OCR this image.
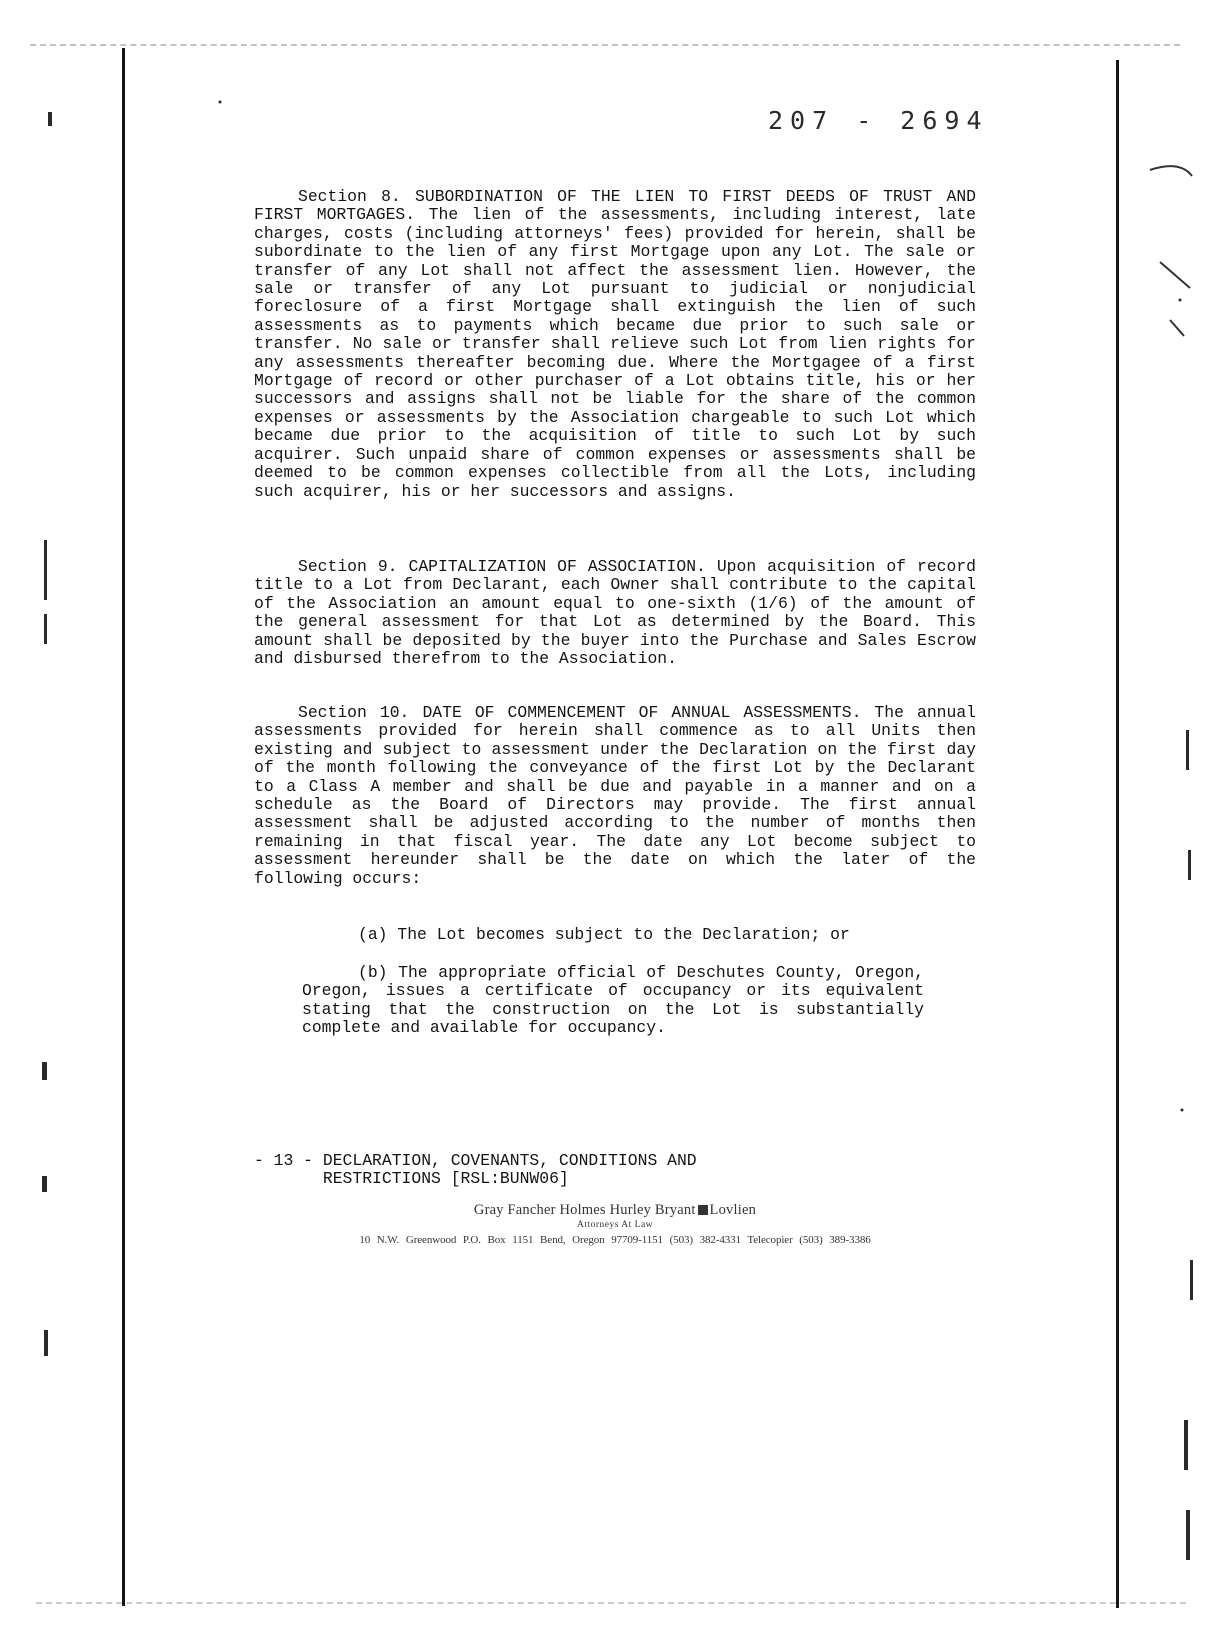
207 - 2694

Section 8. SUBORDINATION OF THE LIEN TO FIRST DEEDS OF TRUST AND FIRST MORTGAGES. The lien of the assessments, including interest, late charges, costs (including attorneys' fees) provided for herein, shall be subordinate to the lien of any first Mortgage upon any Lot. The sale or transfer of any Lot shall not affect the assessment lien. However, the sale or transfer of any Lot pursuant to judicial or nonjudicial foreclosure of a first Mortgage shall extinguish the lien of such assessments as to payments which became due prior to such sale or transfer. No sale or transfer shall relieve such Lot from lien rights for any assessments thereafter becoming due. Where the Mortgagee of a first Mortgage of record or other purchaser of a Lot obtains title, his or her successors and assigns shall not be liable for the share of the common expenses or assessments by the Association chargeable to such Lot which became due prior to the acquisition of title to such Lot by such acquirer. Such unpaid share of common expenses or assessments shall be deemed to be common expenses collectible from all the Lots, including such acquirer, his or her successors and assigns.

Section 9. CAPITALIZATION OF ASSOCIATION. Upon acquisition of record title to a Lot from Declarant, each Owner shall contribute to the capital of the Association an amount equal to one-sixth (1/6) of the amount of the general assessment for that Lot as determined by the Board. This amount shall be deposited by the buyer into the Purchase and Sales Escrow and disbursed therefrom to the Association.

Section 10. DATE OF COMMENCEMENT OF ANNUAL ASSESSMENTS. The annual assessments provided for herein shall commence as to all Units then existing and subject to assessment under the Declaration on the first day of the month following the conveyance of the first Lot by the Declarant to a Class A member and shall be due and payable in a manner and on a schedule as the Board of Directors may provide. The first annual assessment shall be adjusted according to the number of months then remaining in that fiscal year. The date any Lot become subject to assessment hereunder shall be the date on which the later of the following occurs:

(a) The Lot becomes subject to the Declaration; or

(b) The appropriate official of Deschutes County, Oregon, Oregon, issues a certificate of occupancy or its equivalent stating that the construction on the Lot is substantially complete and available for occupancy.

- 13 - DECLARATION, COVENANTS, CONDITIONS AND
RESTRICTIONS [RSL:BUNW06]
Gray Fancher Holmes Hurley Bryant Lovlien
Attorneys At Law
10 N.W. Greenwood P.O. Box 1151 Bend, Oregon 97709-1151 (503) 382-4331 Telecopier (503) 389-3386
